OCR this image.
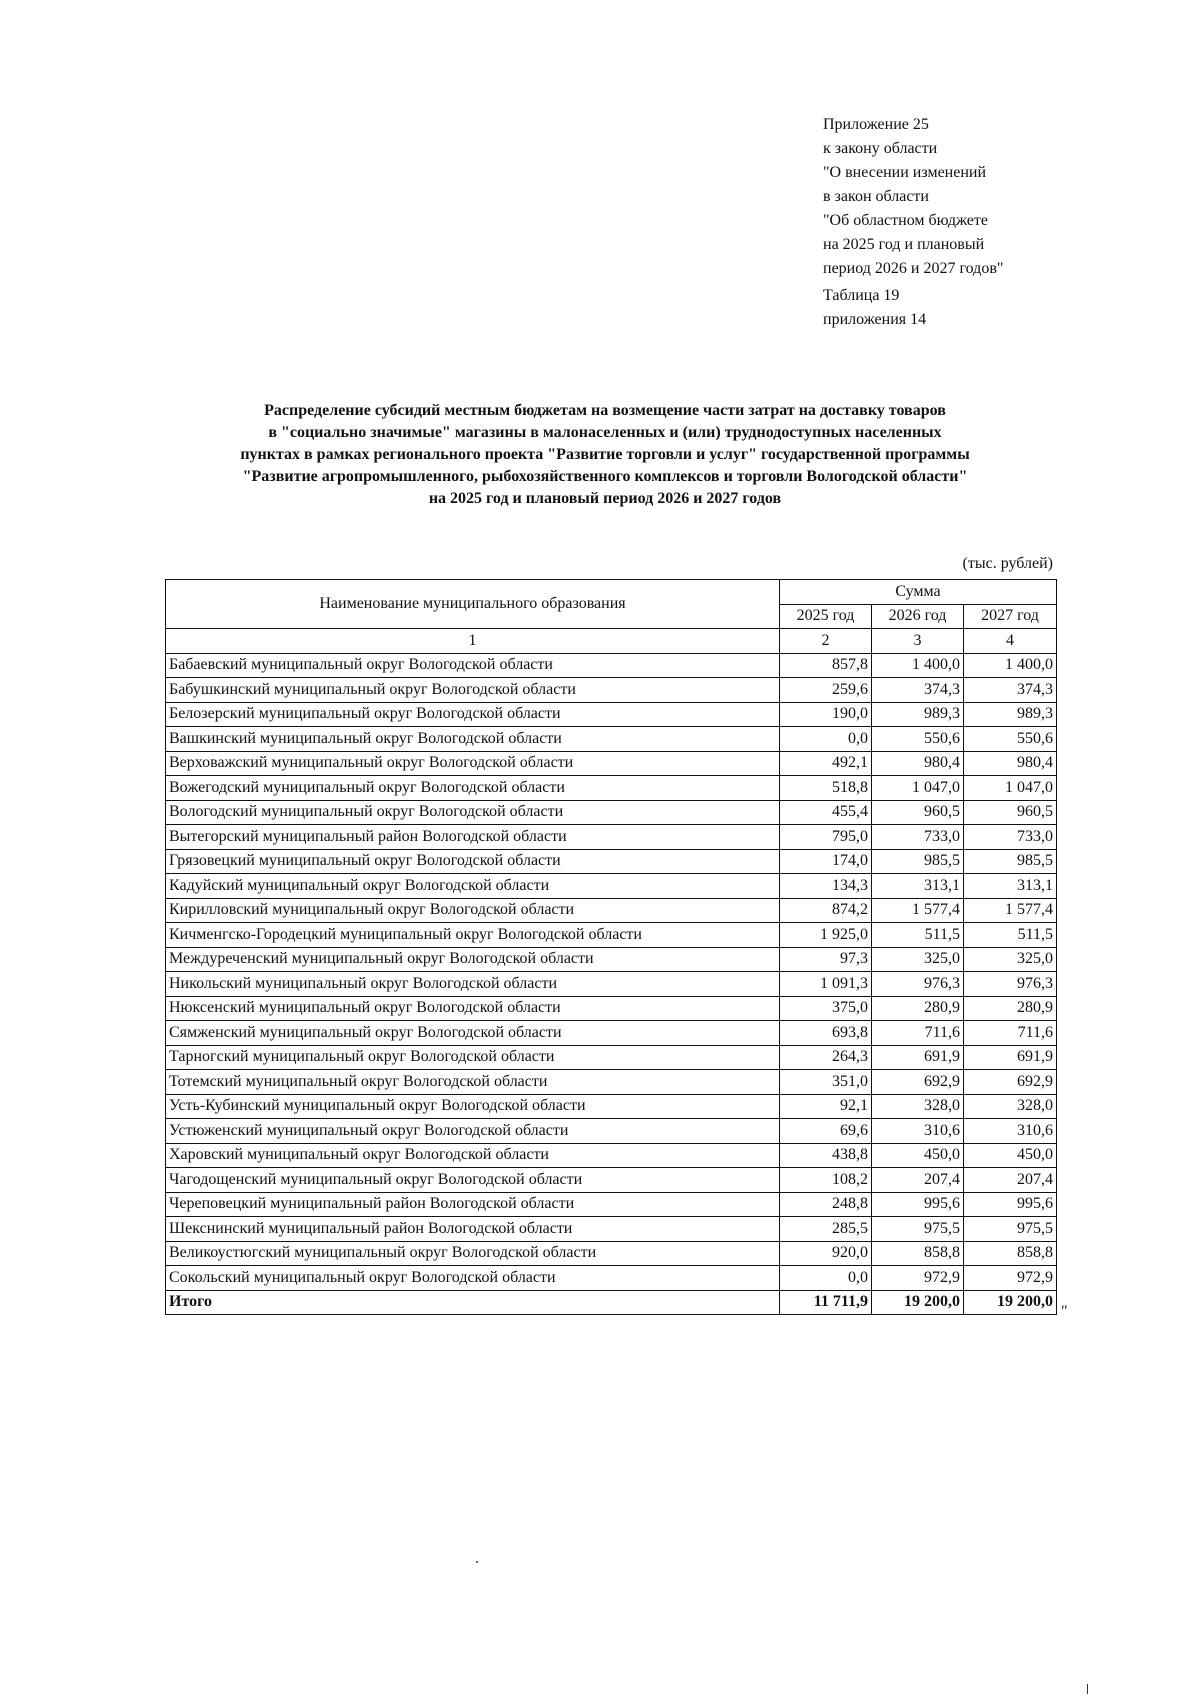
Приложение 25
к закону области
"О внесении изменений
в закон области
"Об областном бюджете
на 2025 год и плановый
период 2026 и 2027 годов"
Таблица 19
приложения 14
Распределение субсидий местным бюджетам на возмещение части затрат на доставку товаров
в "социально значимые" магазины в малонаселенных и (или) труднодоступных населенных
пунктах в рамках регионального проекта "Развитие торговли и услуг" государственной программы
"Развитие агропромышленного, рыбохозяйственного комплексов и торговли Вологодской области"
на 2025 год и плановый период 2026 и 2027 годов
(тыс. рублей)
Наименование муниципального образования	Сумма		
	2025 год	2026 год	2027 год
1	2	3	4
Бабаевский муниципальный округ Вологодской области	857,8	1 400,0	1 400,0
Бабушкинский муниципальный округ Вологодской области	259,6	374,3	374,3
Белозерский муниципальный округ Вологодской области	190,0	989,3	989,3
Вашкинский муниципальный округ Вологодской области	0,0	550,6	550,6
Верховажский муниципальный округ Вологодской области	492,1	980,4	980,4
Вожегодский муниципальный округ Вологодской области	518,8	1 047,0	1 047,0
Вологодский муниципальный округ Вологодской области	455,4	960,5	960,5
Вытегорский муниципальный район Вологодской области	795,0	733,0	733,0
Грязовецкий муниципальный округ Вологодской области	174,0	985,5	985,5
Кадуйский муниципальный округ Вологодской области	134,3	313,1	313,1
Кирилловский муниципальный округ Вологодской области	874,2	1 577,4	1 577,4
Кичменгско-Городецкий муниципальный округ Вологодской области	1 925,0	511,5	511,5
Междуреченский муниципальный округ Вологодской области	97,3	325,0	325,0
Никольский муниципальный округ Вологодской области	1 091,3	976,3	976,3
Нюксенский муниципальный округ Вологодской области	375,0	280,9	280,9
Сямженский муниципальный округ Вологодской области	693,8	711,6	711,6
Тарногский муниципальный округ Вологодской области	264,3	691,9	691,9
Тотемский муниципальный округ Вологодской области	351,0	692,9	692,9
Усть-Кубинский муниципальный округ Вологодской области	92,1	328,0	328,0
Устюженский муниципальный округ Вологодской области	69,6	310,6	310,6
Харовский муниципальный округ Вологодской области	438,8	450,0	450,0
Чагодощенский муниципальный округ Вологодской области	108,2	207,4	207,4
Череповецкий муниципальный район Вологодской области	248,8	995,6	995,6
Шекснинский муниципальный район Вологодской области	285,5	975,5	975,5
Великоустюгский муниципальный округ Вологодской области	920,0	858,8	858,8
Сокольский муниципальный округ Вологодской области	0,0	972,9	972,9
Итого	11 711,9	19 200,0	19 200,0
"
